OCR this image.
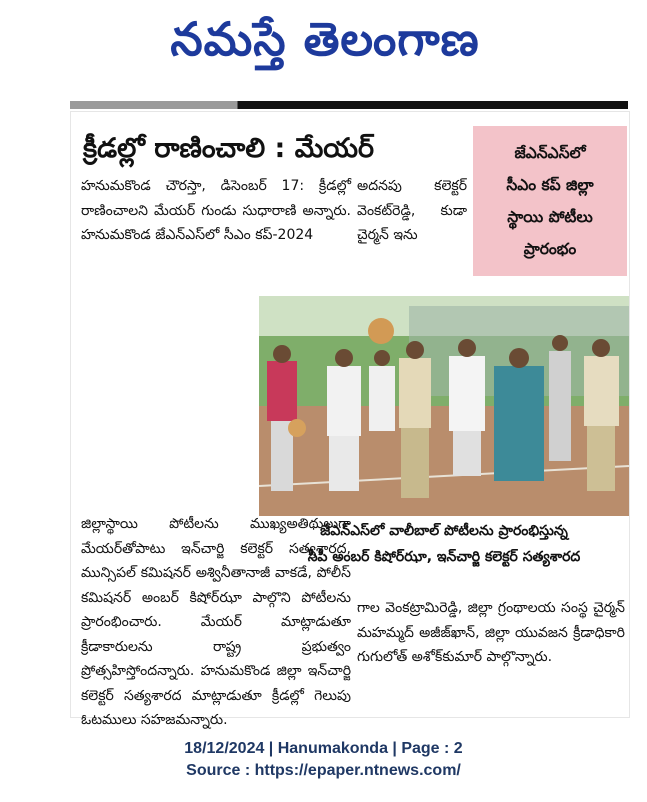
నమస్తే తెలంగాణ
క్రీడల్లో రాణించాలి : మేయర్	జేఎన్ఎస్‌లో
సీఎం కప్ జిల్లా
స్థాయి పోటీలు
ప్రారంభం

హనుమకొండ చౌరస్తా, డిసెంబర్ 17: క్రీడల్లో రాణించాలని మేయర్ గుండు సుధారాణి అన్నారు. హనుమకొండ జేఎన్ఎస్‌లో సీఎం కప్-2024

అదనపు కలెక్టర్ వెంకట్‌రెడ్డి, కుడా చైర్మన్ ఇను

జేఎన్ఎస్‌లో వాలీబాల్ పోటీలను ప్రారంభిస్తున్న
సీపీ అంబర్ కిషోర్‌ఝా, ఇన్‌చార్జి కలెక్టర్ సత్యశారద

జిల్లాస్థాయి పోటీలను ముఖ్యఅతిథులుగా మేయర్‌తోపాటు ఇన్‌చార్జి కలెక్టర్ సత్యశారద, మున్సిపల్ కమిషనర్ అశ్వినీతానాజీ వాకడే, పోలీస్ కమిషనర్ అంబర్ కిషోర్‌ఝా పాల్గొని పోటీలను ప్రారంభించారు. మేయర్ మాట్లాడుతూ క్రీడాకారులను రాష్ట్ర ప్రభుత్వం ప్రోత్సహిస్తోందన్నారు. హనుమకొండ జిల్లా ఇన్‌చార్జి కలెక్టర్ సత్యశారద మాట్లాడుతూ క్రీడల్లో గెలుపు ఓటములు సహజమన్నారు.

గాల వెంకట్రామిరెడ్డి, జిల్లా గ్రంథాలయ సంస్థ చైర్మన్ మహమ్మద్ అజీజ్‌ఖాన్, జిల్లా యువజన క్రీడాధికారి గుగులోత్ అశోక్‌కుమార్ పాల్గొన్నారు.

18/12/2024 | Hanumakonda | Page : 2
Source : https://epaper.ntnews.com/
